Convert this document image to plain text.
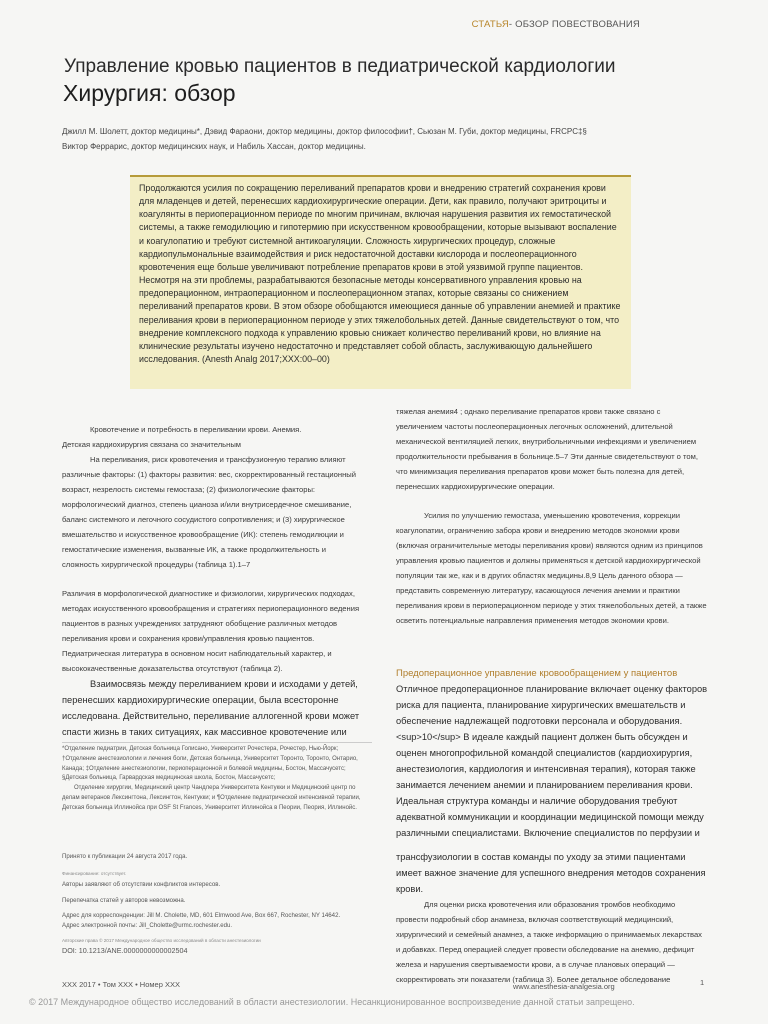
СТАТЬЯ- ОБЗОР ПОВЕСТВОВАНИЯ
Управление кровью пациентов в педиатрической кардиологии
Хирургия: обзор
Джилл М. Шолетт, доктор медицины*, Дэвид Фараони, доктор медицины, доктор философии†, Сьюзан М. Губи, доктор медицины, FRCPC‡§
Виктор Феррарис, доктор медицинских наук, и Набиль Хассан, доктор медицины.
Продолжаются усилия по сокращению переливаний препаратов крови и внедрению стратегий сохранения крови для младенцев и детей, перенесших кардиохирургические операции. Дети, как правило, получают эритроциты и коагулянты в периоперационном периоде по многим причинам, включая нарушения развития их гемостатической системы, а также гемодилюцию и гипотермию при искусственном кровообращении, которые вызывают воспаление и коагулопатию и требуют системной антикоагуляции. Сложность хирургических процедур, сложные кардиопульмональные взаимодействия и риск недостаточной доставки кислорода и послеоперационного кровотечения еще больше увеличивают потребление препаратов крови в этой уязвимой группе пациентов. Несмотря на эти проблемы, разрабатываются безопасные методы консервативного управления кровью на предоперационном, интраоперационном и послеоперационном этапах, которые связаны со снижением переливаний препаратов крови. В этом обзоре обобщаются имеющиеся данные об управлении анемией и практике переливания крови в периоперационном периоде у этих тяжелобольных детей. Данные свидетельствуют о том, что внедрение комплексного подхода к управлению кровью снижает количество переливаний крови, но влияние на клинические результаты изучено недостаточно и представляет собой область, заслуживающую дальнейшего исследования. (Anesth Analg 2017;XXX:00–00)

Кровотечение и потребность в переливании крови. Анемия.

Детская кардиохирургия связана со значительным

На переливания, риск кровотечения и трансфузионную терапию влияют различные факторы: (1) факторы развития: вес, скорректированный гестационный возраст, незрелость системы гемостаза; (2) физиологические факторы: морфологический диагноз, степень цианоза и/или внутрисердечное смешивание, баланс системного и легочного сосудистого сопротивления; и (3) хирургическое вмешательство и искусственное кровообращение (ИК): степень гемодилюции и гемостатические изменения, вызванные ИК, а также продолжительность и сложность хирургической процедуры (таблица 1).1–7

Различия в морфологической диагностике и физиологии, хирургических подходах, методах искусственного кровообращения и стратегиях периоперационного ведения пациентов в разных учреждениях затрудняют обобщение различных методов переливания крови и сохранения крови/управления кровью пациентов. Педиатрическая литература в основном носит наблюдательный характер, и высококачественные доказательства отсутствуют (таблица 2).

Взаимосвязь между переливанием крови и исходами у детей, перенесших кардиохирургические операции, была всесторонне исследована. Действительно, переливание аллогенной крови может спасти жизнь в таких ситуациях, как массивное кровотечение или

тяжелая анемия4 ; однако переливание препаратов крови также связано с увеличением частоты послеоперационных легочных осложнений, длительной механической вентиляцией легких, внутрибольничными инфекциями и увеличением продолжительности пребывания в больнице.5–7 Эти данные свидетельствуют о том, что минимизация переливания препаратов крови может быть полезна для детей, перенесших кардиохирургические операции.

Усилия по улучшению гемостаза, уменьшению кровотечения, коррекции коагулопатии, ограничению забора крови и внедрению методов экономии крови (включая ограничительные методы переливания крови) являются одним из принципов управления кровью пациентов и должны применяться к детской кардиохирургической популяции так же, как и в других областях медицины.8,9 Цель данного обзора — представить современную литературу, касающуюся лечения анемии и практики переливания крови в периоперационном периоде у этих тяжелобольных детей, а также осветить потенциальные направления применения методов экономии крови.

Предоперационное управление кровообращением у пациентов

Отличное предоперационное планирование включает оценку факторов риска для пациента, планирование хирургических вмешательств и обеспечение надлежащей подготовки персонала и оборудования.<sup>10</sup> В идеале каждый пациент должен быть обсужден и оценен многопрофильной командой специалистов (кардиохирургия, анестезиология, кардиология и интенсивная терапия), которая также занимается лечением анемии и планированием переливания крови. Идеальная структура команды и наличие оборудования требуют адекватной коммуникации и координации медицинской помощи между различными специалистами. Включение специалистов по перфузии и

трансфузиологии в состав команды по уходу за этими пациентами имеет важное значение для успешного внедрения методов сохранения крови.

Для оценки риска кровотечения или образования тромбов необходимо провести подробный сбор анамнеза, включая соответствующий медицинский, хирургический и семейный анамнез, а также информацию о принимаемых лекарствах и добавках. Перед операцией следует провести обследование на анемию, дефицит железа и нарушения свертываемости крови, а в случае плановых операций — скорректировать эти показатели (таблица 3). Более детальное обследование

*Отделение педиатрии, Детская больница Голисано, Университет Рочестера, Рочестер, Нью-Йорк; †Отделение анестезиологии и лечения боли, Детская больница, Университет Торонто, Торонто, Онтарио, Канада; ‡Отделение анестезиологии, периоперационной и болевой медицины, Бостон, Массачусетс; §Детская больница, Гарвардская медицинская школа, Бостон, Массачусетс;
Отделение хирургии, Медицинский центр Чандлера Университета Кентукки и Медицинский центр по делам ветеранов Лексингтона, Лексингтон, Кентукки; и ¶Отделение педиатрической интенсивной терапии, Детская больница Иллинойса при OSF St Frances, Университет Иллинойса в Пеории, Пеория, Иллинойс.
Принято к публикации 24 августа 2017 года.
Финансирование: отсутствует.
Авторы заявляют об отсутствии конфликтов интересов.
Перепечатка статей у авторов невозможна.
Адрес для корреспонденции: Jill M. Cholette, MD, 601 Elmwood Ave, Box 667, Rochester, NY 14642.
Адрес электронной почты: Jill_Cholette@urmc.rochester.edu.
Авторские права © 2017 Международное общество исследований в области анестезиологии
DOI: 10.1213/ANE.0000000000002504
XXX 2017 • Том XXX • Номер XXX	www.anesthesia-analgesia.org	1
© 2017 Международное общество исследований в области анестезиологии. Несанкционированное воспроизведение данной статьи запрещено.
